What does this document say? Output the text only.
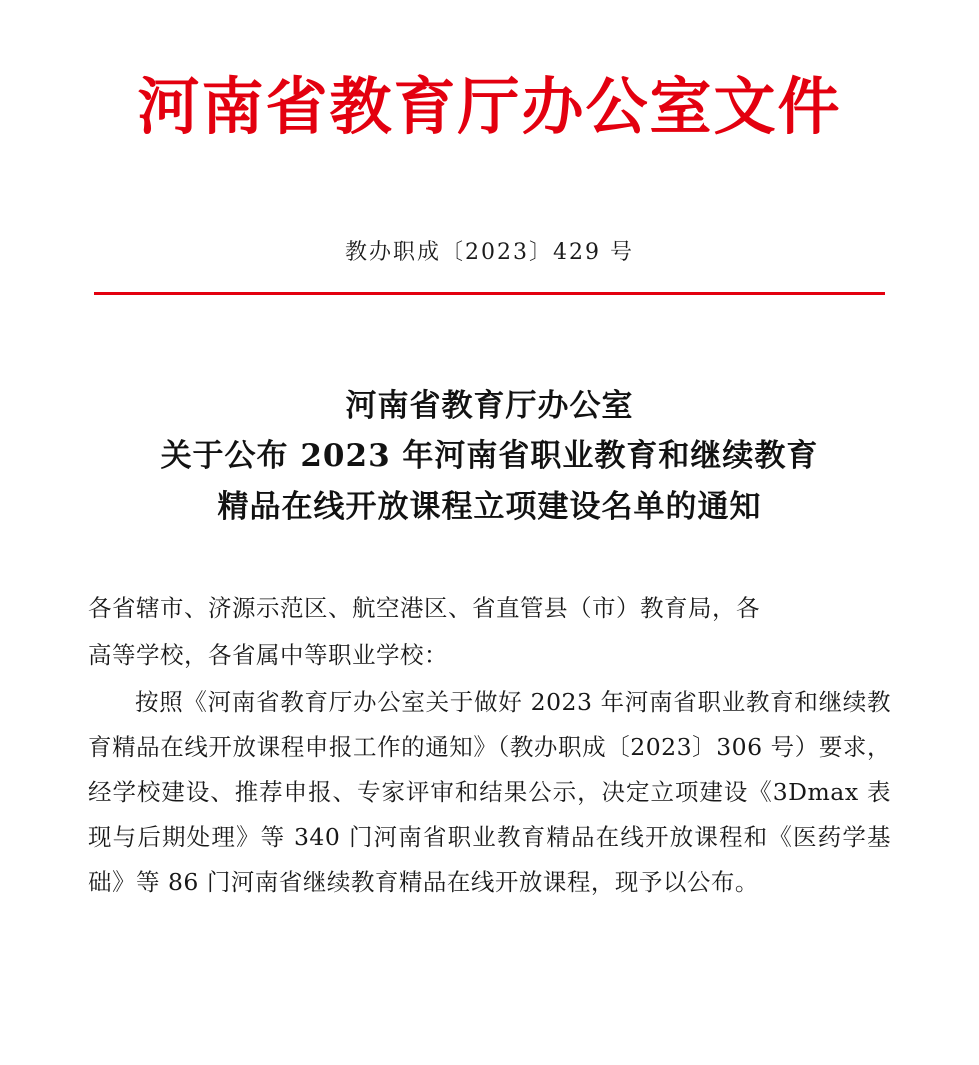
河南省教育厅办公室文件
教办职成〔2023〕429 号
河南省教育厅办公室
关于公布 2023 年河南省职业教育和继续教育
精品在线开放课程立项建设名单的通知

各省辖市、济源示范区、航空港区、省直管县（市）教育局，各

高等学校，各省属中等职业学校：

按照《河南省教育厅办公室关于做好 2023 年河南省职业教育和继续教育精品在线开放课程申报工作的通知》（教办职成〔2023〕306 号）要求，经学校建设、推荐申报、专家评审和结果公示，决定立项建设《3Dmax 表现与后期处理》等 340 门河南省职业教育精品在线开放课程和《医药学基础》等 86 门河南省继续教育精品在线开放课程，现予以公布。
